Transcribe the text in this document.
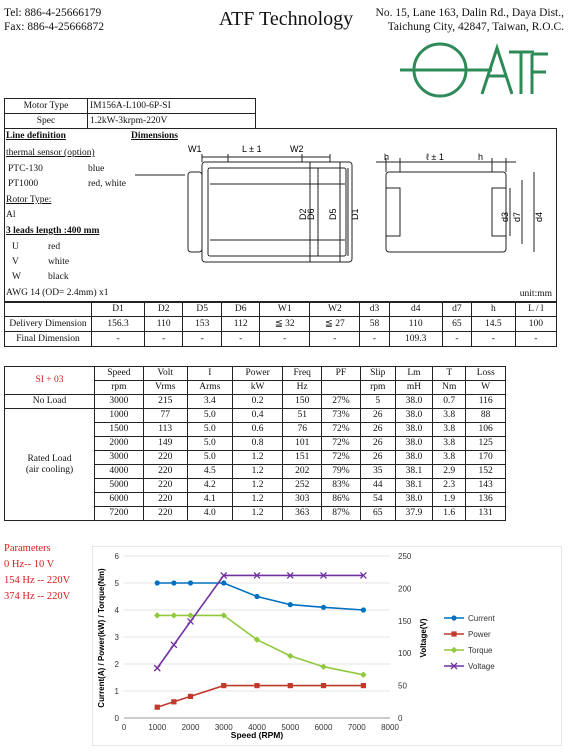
Tel: 886-4-25666179
Fax: 886-4-25666872	ATF Technology	No. 15, Lane 163, Dalin Rd., Daya Dist.,
Taichung City, 42847, Taiwan, R.O.C.
Motor Type	IM156A-L100-6P-SI
Spec	1.2kW-3krpm-220V
Line definition	Dimensions
thermal sensor (option)
PTC-130	blue
PT1000	red, white
Rotor Type:
Al
3 leads length :400 mm
U	red
V	white
W	black
AWG 14 (OD= 2.4mm) x1	unit:mm
W1	L ± 1	W2
D2
D6 D5 D1
h	ℓ ± 1	h
d3 d7 d4
	D1	D2	D5	D6	W1	W2	d3	d4	d7	h	L / l
Delivery Dimension	156.3	110	153	112	≦ 32	≦ 27	58	110	65	14.5	100
Final Dimension	-	-	-	-	-	-	-	109.3	-	-	-
SI + 03	Speed	Volt	I	Power	Freq	PF	Slip	Lm	T	Loss
	rpm	Vrms	Arms	kW	Hz		rpm	mH	Nm	W
No Load	3000	215	3.4	0.2	150	27%	5	38.0	0.7	116

Rated Load
(air cooling)	1000	77	5.0	0.4	51	73%	26	38.0	3.8	88
	1500	113	5.0	0.6	76	72%	26	38.0	3.8	106
	2000	149	5.0	0.8	101	72%	26	38.0	3.8	125
	3000	220	5.0	1.2	151	72%	26	38.0	3.8	170
	4000	220	4.5	1.2	202	79%	35	38.1	2.9	152
	5000	220	4.2	1.2	252	83%	44	38.1	2.3	143
	6000	220	4.1	1.2	303	86%	54	38.0	1.9	136
	7200	220	4.0	1.2	363	87%	65	37.9	1.6	131
Parameters
0 Hz-- 10 V
154 Hz -- 220V
374 Hz -- 220V
0
1
2
3
4
5
6
0
50
100
150
200
250
0	1000 2000 3000 4000 5000 6000 7000 8000
Speed (RPM)
Current(A) / Power(kW) / Torque(Nm)	Voltage(V)
Current
Power
Torque
Voltage
